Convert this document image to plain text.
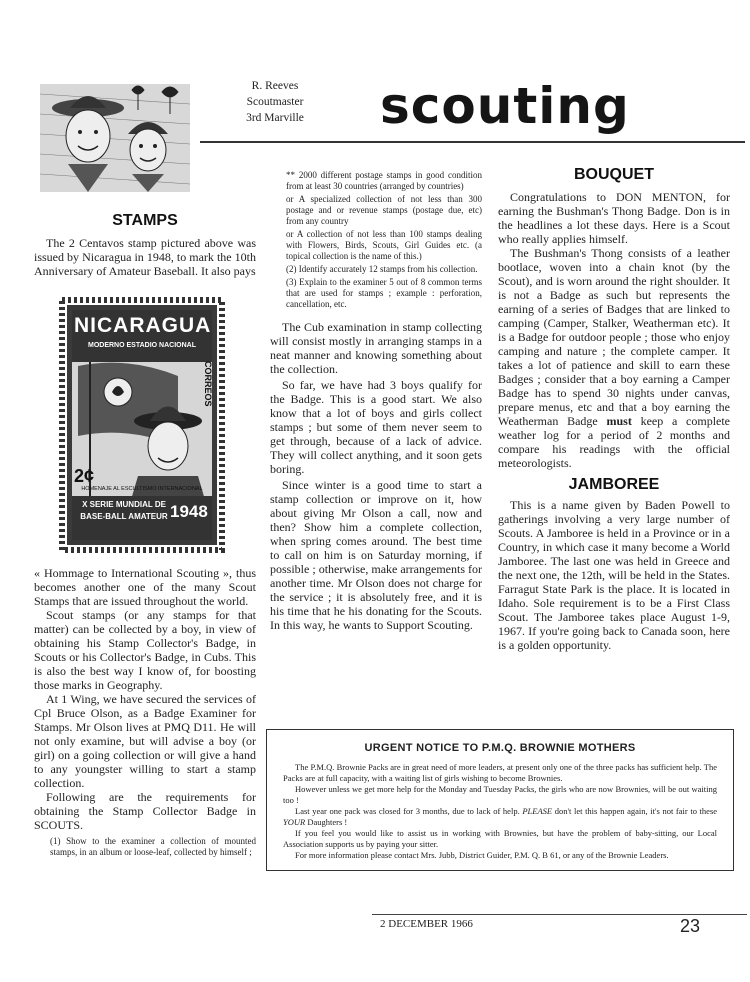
R. Reeves
Scoutmaster
3rd Marville	scouting
STAMPS

The 2 Centavos stamp pictured above was issued by Nicaragua in 1948, to mark the 10th Anniversary of Amateur Baseball. It also pays

NICARAGUA
MODERNO ESTADIO NACIONAL
CORREOS
2¢
HOMENAJE AL ESCULTISMO INTERNACIONAL
X SERIE MUNDIAL DE
BASE-BALL AMATEUR 1948

« Hommage to International Scouting », thus becomes another one of the many Scout Stamps that are issued throughout the world.

Scout stamps (or any stamps for that matter) can be collected by a boy, in view of obtaining his Stamp Collector's Badge, in Scouts or his Collector's Badge, in Cubs. This is also the best way I know of, for boosting those marks in Geography.

At 1 Wing, we have secured the services of Cpl Bruce Olson, as a Badge Examiner for Stamps. Mr Olson lives at PMQ D11. He will not only examine, but will advise a boy (or girl) on a going collection or will give a hand to any youngster willing to start a stamp collection.

Following are the requirements for obtaining the Stamp Collector Badge in SCOUTS.

(1) Show to the examiner a collection of mounted stamps, in an album or loose-leaf, collected by himself ;

** 2000 different postage stamps in good condition from at least 30 countries (arranged by countries)

or A specialized collection of not less than 300 postage and or revenue stamps (postage due, etc) from any country

or A collection of not less than 100 stamps dealing with Flowers, Birds, Scouts, Girl Guides etc. (a topical collection is the name of this.)

(2) Identify accurately 12 stamps from his collection.

(3) Explain to the examiner 5 out of 8 common terms that are used for stamps ; example : perforation, cancellation, etc.

The Cub examination in stamp collecting will consist mostly in arranging stamps in a neat manner and knowing something about the collection.

So far, we have had 3 boys qualify for the Badge. This is a good start. We also know that a lot of boys and girls collect stamps ; but some of them never seem to get through, because of a lack of advice. They will collect anything, and it soon gets boring.

Since winter is a good time to start a stamp collection or improve on it, how about giving Mr Olson a call, now and then? Show him a complete collection, when spring comes around. The best time to call on him is on Saturday morning, if possible ; otherwise, make arrangements for another time. Mr Olson does not charge for the service ; it is absolutely free, and it is his time that he his donating for the Scouts. In this way, he wants to Support Scouting.

BOUQUET

Congratulations to DON MENTON, for earning the Bushman's Thong Badge. Don is in the headlines a lot these days. Here is a Scout who really applies himself.

The Bushman's Thong consists of a leather bootlace, woven into a chain knot (by the Scout), and is worn around the right shoulder. It is not a Badge as such but represents the earning of a series of Badges that are linked to camping (Camper, Stalker, Weatherman etc). It is a Badge for outdoor people ; those who enjoy camping and nature ; the complete camper. It takes a lot of patience and skill to earn these Badges ; consider that a boy earning a Camper Badge has to spend 30 nights under canvas, prepare menus, etc and that a boy earning the Weatherman Badge must keep a complete weather log for a period of 2 months and compare his readings with the official meteorologists.

JAMBOREE

This is a name given by Baden Powell to gatherings involving a very large number of Scouts. A Jamboree is held in a Province or in a Country, in which case it many become a World Jamboree. The last one was held in Greece and the next one, the 12th, will be held in the States. Farragut State Park is the place. It is located in Idaho. Sole requirement is to be a First Class Scout. The Jamboree takes place August 1-9, 1967. If you're going back to Canada soon, here is a golden opportunity.

URGENT NOTICE TO P.M.Q. BROWNIE MOTHERS

The P.M.Q. Brownie Packs are in great need of more leaders, at present only one of the three packs has sufficient help. The Packs are at full capacity, with a waiting list of girls wishing to become Brownies.

However unless we get more help for the Monday and Tuesday Packs, the girls who are now Brownies, will be out waiting too !

Last year one pack was closed for 3 months, due to lack of help. PLEASE don't let this happen again, it's not fair to these YOUR Daughters !

If you feel you would like to assist us in working with Brownies, but have the problem of baby-sitting, our Local Association supports us by paying your sitter.

For more information please contact Mrs. Jubb, District Guider, P.M. Q. B 61, or any of the Brownie Leaders.

2 DECEMBER 1966	23
